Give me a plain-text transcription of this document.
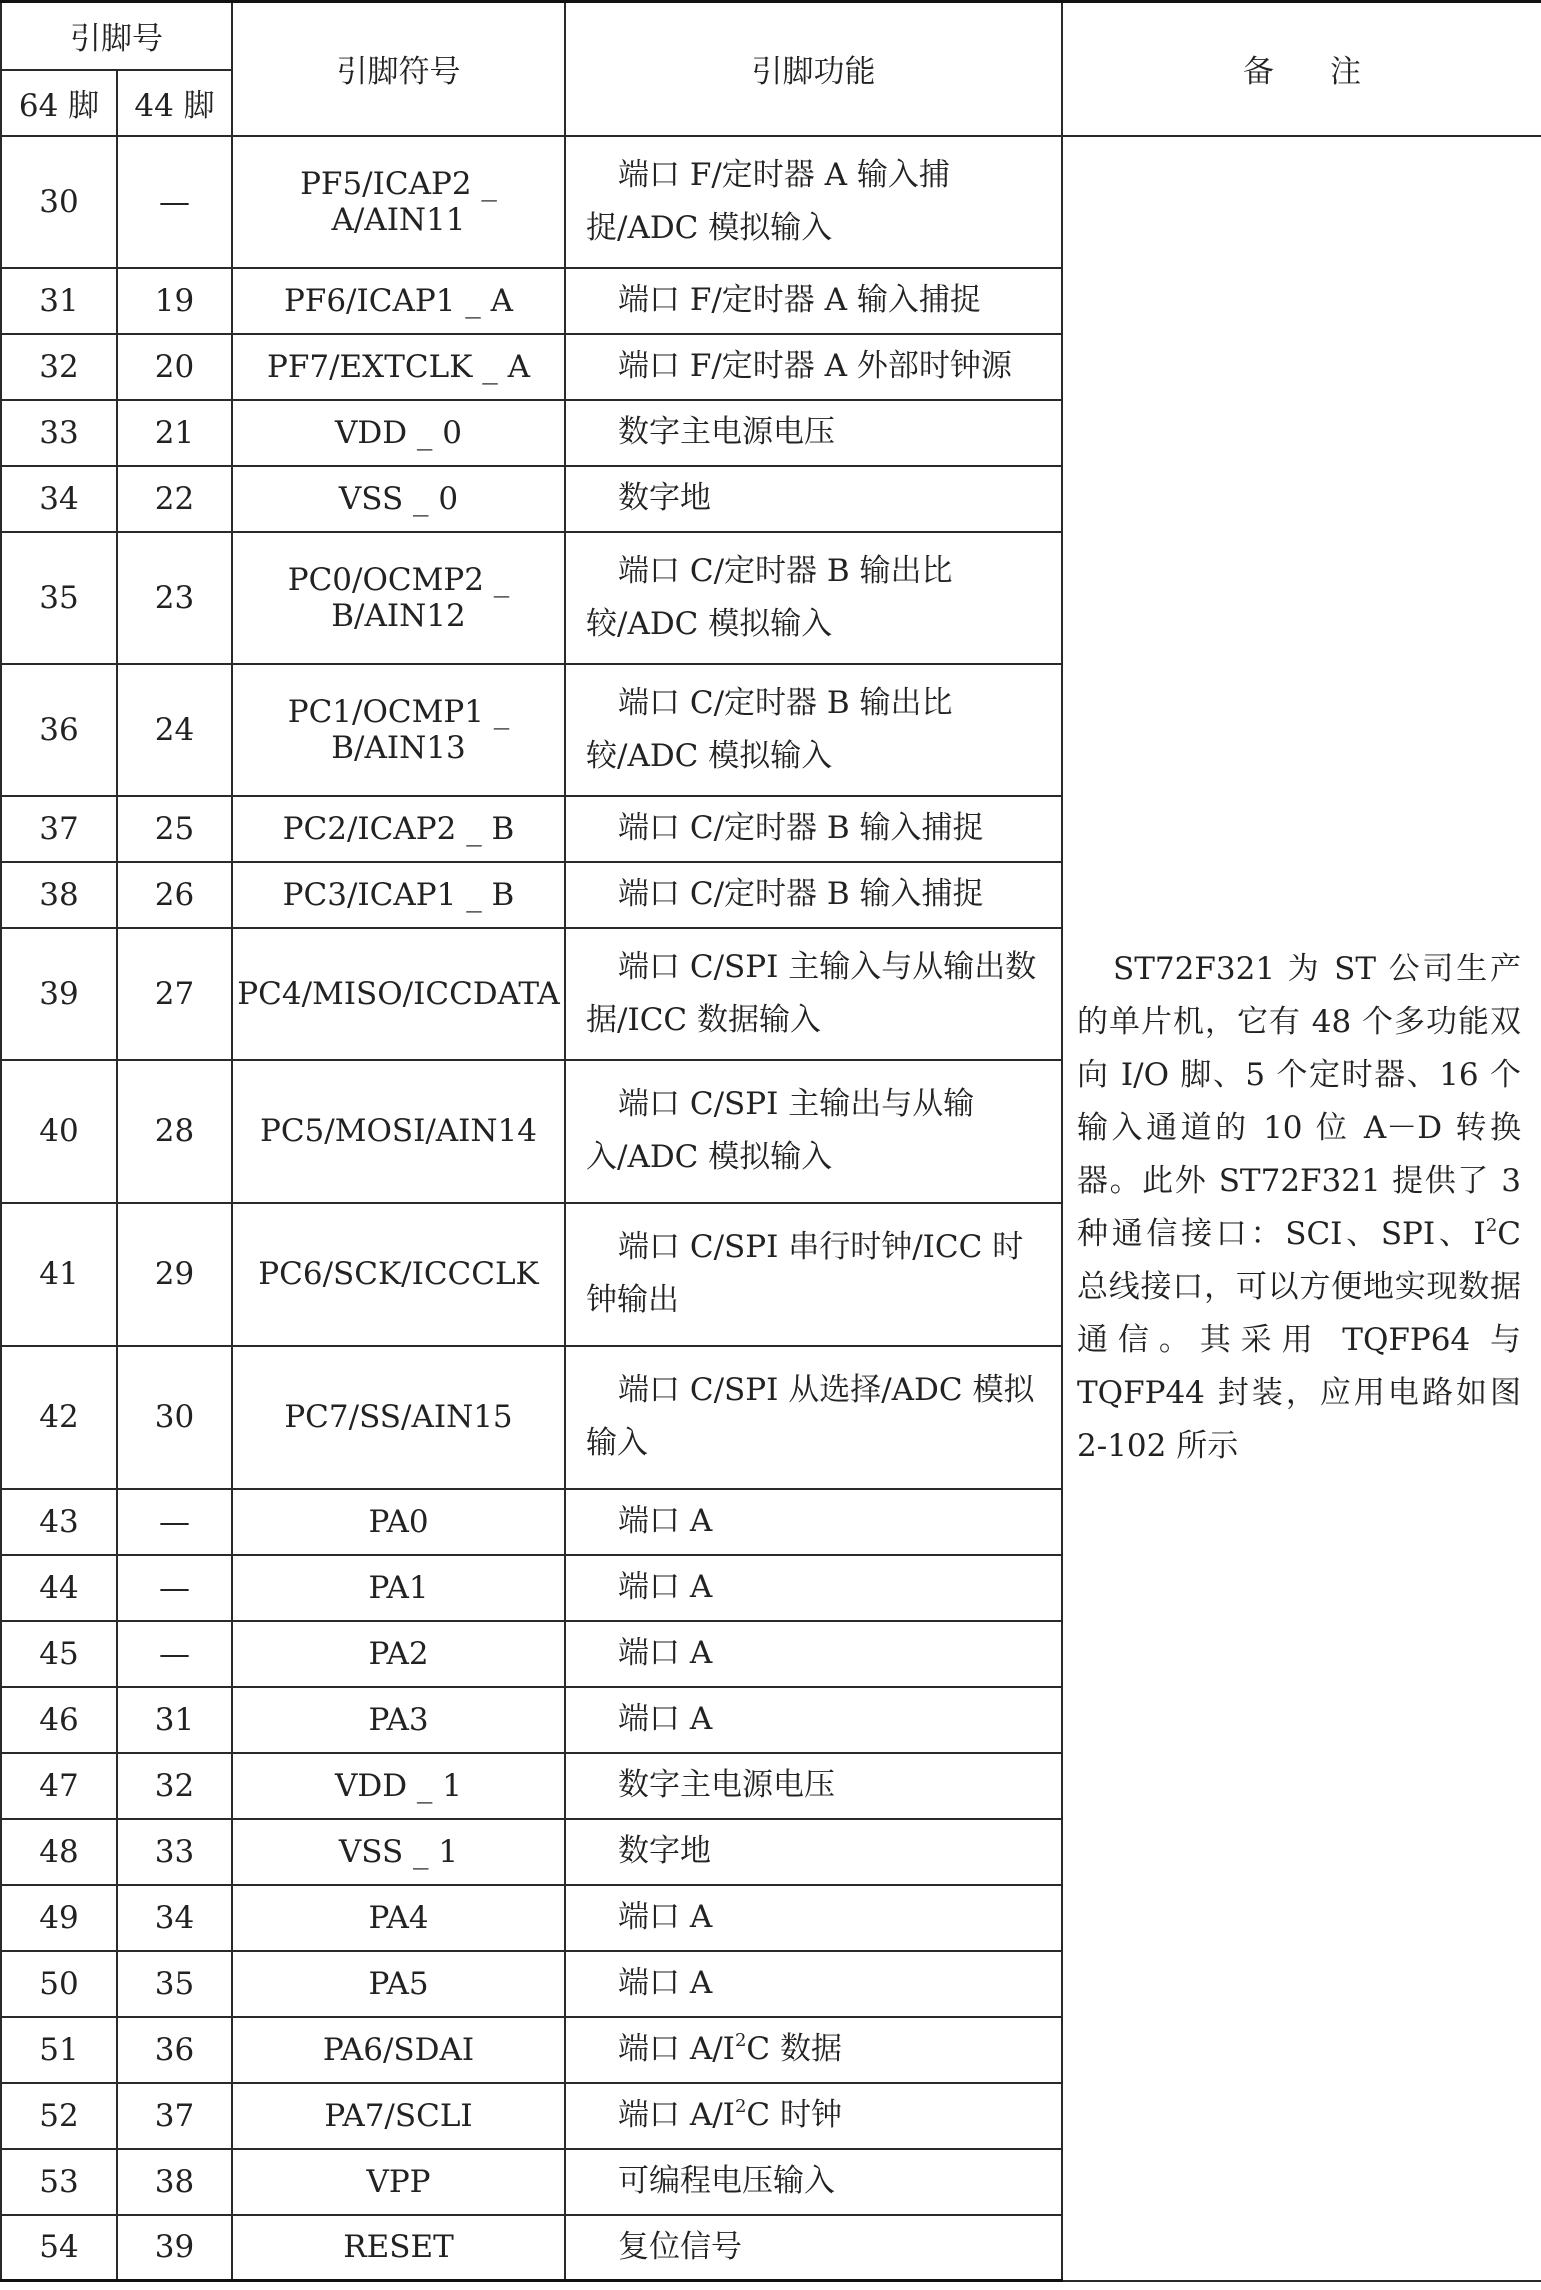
引脚号		引脚符号	引脚功能	备注
64 脚	44 脚			
30	—	PF5/ICAP2 _ A/AIN11	端口 F/定时器 A 输入捕捉/ADC 模拟输入	ST72F321 为 ST 公司生产的单片机，它有 48 个多功能双向 I/O 脚、5 个定时器、16 个输入通道的 10 位 A－D 转换器。此外 ST72F321 提供了 3 种通信接口：SCI、SPI、$I^2C$ 总线接口，可以方便地实现数据通信。其采用 TQFP64 与 TQFP44 封装，应用电路如图 2-102 所示
31	19	PF6/ICAP1 _ A	端口 F/定时器 A 输入捕捉	
32	20	PF7/EXTCLK _ A	端口 F/定时器 A 外部时钟源	
33	21	VDD _ 0	数字主电源电压	
34	22	VSS _ 0	数字地	
35	23	PC0/OCMP2 _ B/AIN12	端口 C/定时器 B 输出比较/ADC 模拟输入	
36	24	PC1/OCMP1 _ B/AIN13	端口 C/定时器 B 输出比较/ADC 模拟输入	
37	25	PC2/ICAP2 _ B	端口 C/定时器 B 输入捕捉	
38	26	PC3/ICAP1 _ B	端口 C/定时器 B 输入捕捉	
39	27	PC4/MISO/ICCDATA	端口 C/SPI 主输入与从输出数据/ICC 数据输入	
40	28	PC5/MOSI/AIN14	端口 C/SPI 主输出与从输入/ADC 模拟输入	
41	29	PC6/SCK/ICCCLK	端口 C/SPI 串行时钟/ICC 时钟输出	
42	30	PC7/SS/AIN15	端口 C/SPI 从选择/ADC 模拟输入	
43	—	PA0	端口 A	
44	—	PA1	端口 A	
45	—	PA2	端口 A	
46	31	PA3	端口 A	
47	32	VDD _ 1	数字主电源电压	
48	33	VSS _ 1	数字地	
49	34	PA4	端口 A	
50	35	PA5	端口 A	
51	36	PA6/SDAI	端口 $A/I^2C$ 数据	
52	37	PA7/SCLI	端口 $A/I^2C$ 时钟	
53	38	VPP	可编程电压输入	
54	39	RESET	复位信号	
